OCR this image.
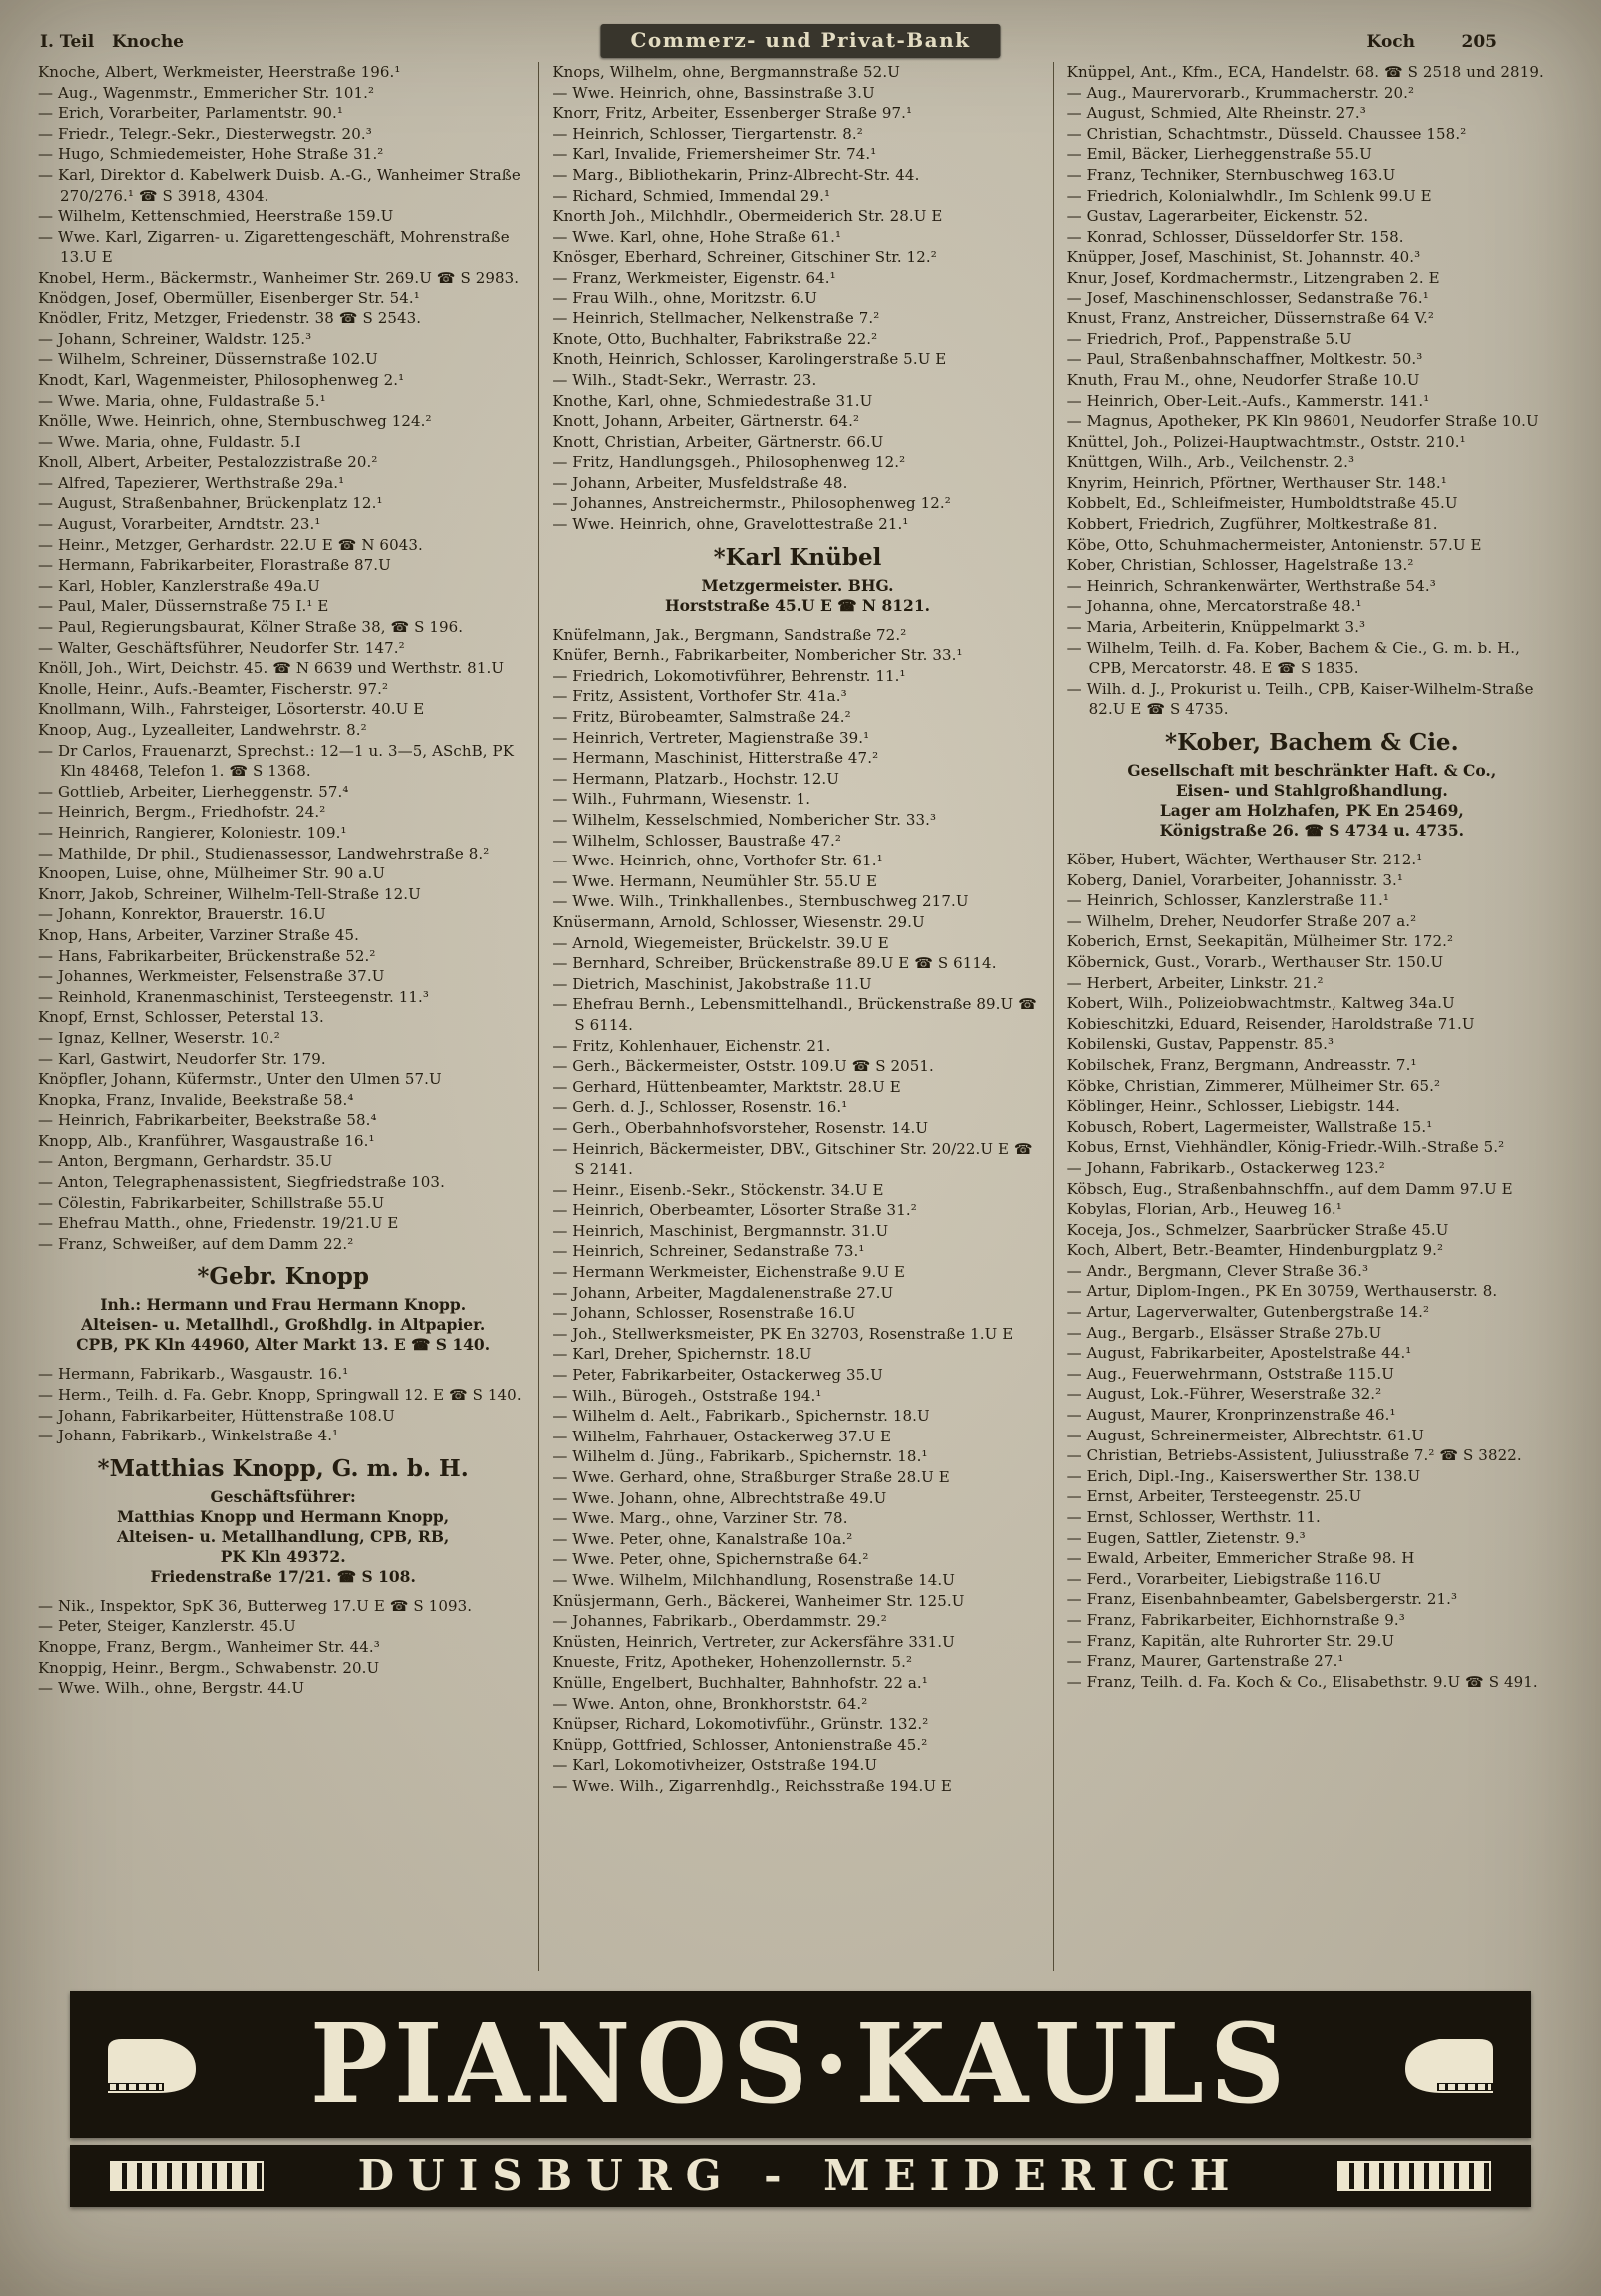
I. Teil Knoche	Commerz- und Privat-Bank	Koch	205

Knoche, Albert, Werkmeister, Heerstraße 196.¹

— Aug., Wagenmstr., Emmericher Str. 101.²

— Erich, Vorarbeiter, Parlamentstr. 90.¹

— Friedr., Telegr.-Sekr., Diesterwegstr. 20.³

— Hugo, Schmiedemeister, Hohe Straße 31.²

— Karl, Direktor d. Kabelwerk Duisb. A.-G., Wanheimer Straße 270/276.¹ ☎ S 3918, 4304.

— Wilhelm, Kettenschmied, Heerstraße 159.U

— Wwe. Karl, Zigarren- u. Zigarettengeschäft, Mohrenstraße 13.U E

Knobel, Herm., Bäckermstr., Wanheimer Str. 269.U ☎ S 2983.

Knödgen, Josef, Obermüller, Eisenberger Str. 54.¹

Knödler, Fritz, Metzger, Friedenstr. 38 ☎ S 2543.

— Johann, Schreiner, Waldstr. 125.³

— Wilhelm, Schreiner, Düssernstraße 102.U

Knodt, Karl, Wagenmeister, Philosophenweg 2.¹

— Wwe. Maria, ohne, Fuldastraße 5.¹

Knölle, Wwe. Heinrich, ohne, Sternbuschweg 124.²

— Wwe. Maria, ohne, Fuldastr. 5.I

Knoll, Albert, Arbeiter, Pestalozzistraße 20.²

— Alfred, Tapezierer, Werthstraße 29a.¹

— August, Straßenbahner, Brückenplatz 12.¹

— August, Vorarbeiter, Arndtstr. 23.¹

— Heinr., Metzger, Gerhardstr. 22.U E ☎ N 6043.

— Hermann, Fabrikarbeiter, Florastraße 87.U

— Karl, Hobler, Kanzlerstraße 49a.U

— Paul, Maler, Düssernstraße 75 I.¹ E

— Paul, Regierungsbaurat, Kölner Straße 38, ☎ S 196.

— Walter, Geschäftsführer, Neudorfer Str. 147.²

Knöll, Joh., Wirt, Deichstr. 45. ☎ N 6639 und Werthstr. 81.U

Knolle, Heinr., Aufs.-Beamter, Fischerstr. 97.²

Knollmann, Wilh., Fahrsteiger, Lösorterstr. 40.U E

Knoop, Aug., Lyzealleiter, Landwehrstr. 8.²

— Dr Carlos, Frauenarzt, Sprechst.: 12—1 u. 3—5, ASchB, PK Kln 48468, Telefon 1. ☎ S 1368.

— Gottlieb, Arbeiter, Lierheggenstr. 57.⁴

— Heinrich, Bergm., Friedhofstr. 24.²

— Heinrich, Rangierer, Koloniestr. 109.¹

— Mathilde, Dr phil., Studienassessor, Landwehrstraße 8.²

Knoopen, Luise, ohne, Mülheimer Str. 90 a.U

Knorr, Jakob, Schreiner, Wilhelm-Tell-Straße 12.U

— Johann, Konrektor, Brauerstr. 16.U

Knop, Hans, Arbeiter, Varziner Straße 45.

— Hans, Fabrikarbeiter, Brückenstraße 52.²

— Johannes, Werkmeister, Felsenstraße 37.U

— Reinhold, Kranenmaschinist, Tersteegenstr. 11.³

Knopf, Ernst, Schlosser, Peterstal 13.

— Ignaz, Kellner, Weserstr. 10.²

— Karl, Gastwirt, Neudorfer Str. 179.

Knöpfler, Johann, Küfermstr., Unter den Ulmen 57.U

Knopka, Franz, Invalide, Beekstraße 58.⁴

— Heinrich, Fabrikarbeiter, Beekstraße 58.⁴

Knopp, Alb., Kranführer, Wasgaustraße 16.¹

— Anton, Bergmann, Gerhardstr. 35.U

— Anton, Telegraphenassistent, Siegfriedstraße 103.

— Cölestin, Fabrikarbeiter, Schillstraße 55.U

— Ehefrau Matth., ohne, Friedenstr. 19/21.U E

— Franz, Schweißer, auf dem Damm 22.²

*Gebr. Knopp
Inh.: Hermann und Frau Hermann Knopp.
Alteisen- u. Metallhdl., Großhdlg. in Altpapier.
CPB, PK Kln 44960, Alter Markt 13. E ☎ S 140.

— Hermann, Fabrikarb., Wasgaustr. 16.¹

— Herm., Teilh. d. Fa. Gebr. Knopp, Springwall 12. E ☎ S 140.

— Johann, Fabrikarbeiter, Hüttenstraße 108.U

— Johann, Fabrikarb., Winkelstraße 4.¹

*Matthias Knopp, G. m. b. H.
Geschäftsführer:
Matthias Knopp und Hermann Knopp,
Alteisen- u. Metallhandlung, CPB, RB,
PK Kln 49372.
Friedenstraße 17/21. ☎ S 108.

— Nik., Inspektor, SpK 36, Butterweg 17.U E ☎ S 1093.

— Peter, Steiger, Kanzlerstr. 45.U

Knoppe, Franz, Bergm., Wanheimer Str. 44.³

Knoppig, Heinr., Bergm., Schwabenstr. 20.U

— Wwe. Wilh., ohne, Bergstr. 44.U

Knops, Wilhelm, ohne, Bergmannstraße 52.U

— Wwe. Heinrich, ohne, Bassinstraße 3.U

Knorr, Fritz, Arbeiter, Essenberger Straße 97.¹

— Heinrich, Schlosser, Tiergartenstr. 8.²

— Karl, Invalide, Friemersheimer Str. 74.¹

— Marg., Bibliothekarin, Prinz-Albrecht-Str. 44.

— Richard, Schmied, Immendal 29.¹

Knorth Joh., Milchhdlr., Obermeiderich Str. 28.U E

— Wwe. Karl, ohne, Hohe Straße 61.¹

Knösger, Eberhard, Schreiner, Gitschiner Str. 12.²

— Franz, Werkmeister, Eigenstr. 64.¹

— Frau Wilh., ohne, Moritzstr. 6.U

— Heinrich, Stellmacher, Nelkenstraße 7.²

Knote, Otto, Buchhalter, Fabrikstraße 22.²

Knoth, Heinrich, Schlosser, Karolingerstraße 5.U E

— Wilh., Stadt-Sekr., Werrastr. 23.

Knothe, Karl, ohne, Schmiedestraße 31.U

Knott, Johann, Arbeiter, Gärtnerstr. 64.²

Knott, Christian, Arbeiter, Gärtnerstr. 66.U

— Fritz, Handlungsgeh., Philosophenweg 12.²

— Johann, Arbeiter, Musfeldstraße 48.

— Johannes, Anstreichermstr., Philosophenweg 12.²

— Wwe. Heinrich, ohne, Gravelottestraße 21.¹

*Karl Knübel
Metzgermeister. BHG.
Horststraße 45.U E ☎ N 8121.

Knüfelmann, Jak., Bergmann, Sandstraße 72.²

Knüfer, Bernh., Fabrikarbeiter, Nombericher Str. 33.¹

— Friedrich, Lokomotivführer, Behrenstr. 11.¹

— Fritz, Assistent, Vorthofer Str. 41a.³

— Fritz, Bürobeamter, Salmstraße 24.²

— Heinrich, Vertreter, Magienstraße 39.¹

— Hermann, Maschinist, Hitterstraße 47.²

— Hermann, Platzarb., Hochstr. 12.U

— Wilh., Fuhrmann, Wiesenstr. 1.

— Wilhelm, Kesselschmied, Nombericher Str. 33.³

— Wilhelm, Schlosser, Baustraße 47.²

— Wwe. Heinrich, ohne, Vorthofer Str. 61.¹

— Wwe. Hermann, Neumühler Str. 55.U E

— Wwe. Wilh., Trinkhallenbes., Sternbuschweg 217.U

Knüsermann, Arnold, Schlosser, Wiesenstr. 29.U

— Arnold, Wiegemeister, Brückelstr. 39.U E

— Bernhard, Schreiber, Brückenstraße 89.U E ☎ S 6114.

— Dietrich, Maschinist, Jakobstraße 11.U

— Ehefrau Bernh., Lebensmittelhandl., Brückenstraße 89.U ☎ S 6114.

— Fritz, Kohlenhauer, Eichenstr. 21.

— Gerh., Bäckermeister, Oststr. 109.U ☎ S 2051.

— Gerhard, Hüttenbeamter, Marktstr. 28.U E

— Gerh. d. J., Schlosser, Rosenstr. 16.¹

— Gerh., Oberbahnhofsvorsteher, Rosenstr. 14.U

— Heinrich, Bäckermeister, DBV., Gitschiner Str. 20/22.U E ☎ S 2141.

— Heinr., Eisenb.-Sekr., Stöckenstr. 34.U E

— Heinrich, Oberbeamter, Lösorter Straße 31.²

— Heinrich, Maschinist, Bergmannstr. 31.U

— Heinrich, Schreiner, Sedanstraße 73.¹

— Hermann Werkmeister, Eichenstraße 9.U E

— Johann, Arbeiter, Magdalenenstraße 27.U

— Johann, Schlosser, Rosenstraße 16.U

— Joh., Stellwerksmeister, PK En 32703, Rosenstraße 1.U E

— Karl, Dreher, Spichernstr. 18.U

— Peter, Fabrikarbeiter, Ostackerweg 35.U

— Wilh., Bürogeh., Oststraße 194.¹

— Wilhelm d. Aelt., Fabrikarb., Spichernstr. 18.U

— Wilhelm, Fahrhauer, Ostackerweg 37.U E

— Wilhelm d. Jüng., Fabrikarb., Spichernstr. 18.¹

— Wwe. Gerhard, ohne, Straßburger Straße 28.U E

— Wwe. Johann, ohne, Albrechtstraße 49.U

— Wwe. Marg., ohne, Varziner Str. 78.

— Wwe. Peter, ohne, Kanalstraße 10a.²

— Wwe. Peter, ohne, Spichernstraße 64.²

— Wwe. Wilhelm, Milchhandlung, Rosenstraße 14.U

Knüsjermann, Gerh., Bäckerei, Wanheimer Str. 125.U

— Johannes, Fabrikarb., Oberdammstr. 29.²

Knüsten, Heinrich, Vertreter, zur Ackersfähre 331.U

Knueste, Fritz, Apotheker, Hohenzollernstr. 5.²

Knülle, Engelbert, Buchhalter, Bahnhofstr. 22 a.¹

— Wwe. Anton, ohne, Bronkhorststr. 64.²

Knüpser, Richard, Lokomotivführ., Grünstr. 132.²

Knüpp, Gottfried, Schlosser, Antonienstraße 45.²

— Karl, Lokomotivheizer, Oststraße 194.U

— Wwe. Wilh., Zigarrenhdlg., Reichsstraße 194.U E

Knüppel, Ant., Kfm., ECA, Handelstr. 68. ☎ S 2518 und 2819.

— Aug., Maurervorarb., Krummacherstr. 20.²

— August, Schmied, Alte Rheinstr. 27.³

— Christian, Schachtmstr., Düsseld. Chaussee 158.²

— Emil, Bäcker, Lierheggenstraße 55.U

— Franz, Techniker, Sternbuschweg 163.U

— Friedrich, Kolonialwhdlr., Im Schlenk 99.U E

— Gustav, Lagerarbeiter, Eickenstr. 52.

— Konrad, Schlosser, Düsseldorfer Str. 158.

Knüpper, Josef, Maschinist, St. Johannstr. 40.³

Knur, Josef, Kordmachermstr., Litzengraben 2. E

— Josef, Maschinenschlosser, Sedanstraße 76.¹

Knust, Franz, Anstreicher, Düssernstraße 64 V.²

— Friedrich, Prof., Pappenstraße 5.U

— Paul, Straßenbahnschaffner, Moltkestr. 50.³

Knuth, Frau M., ohne, Neudorfer Straße 10.U

— Heinrich, Ober-Leit.-Aufs., Kammerstr. 141.¹

— Magnus, Apotheker, PK Kln 98601, Neudorfer Straße 10.U

Knüttel, Joh., Polizei-Hauptwachtmstr., Oststr. 210.¹

Knüttgen, Wilh., Arb., Veilchenstr. 2.³

Knyrim, Heinrich, Pförtner, Werthauser Str. 148.¹

Kobbelt, Ed., Schleifmeister, Humboldtstraße 45.U

Kobbert, Friedrich, Zugführer, Moltkestraße 81.

Köbe, Otto, Schuhmachermeister, Antonienstr. 57.U E

Kober, Christian, Schlosser, Hagelstraße 13.²

— Heinrich, Schrankenwärter, Werthstraße 54.³

— Johanna, ohne, Mercatorstraße 48.¹

— Maria, Arbeiterin, Knüppelmarkt 3.³

— Wilhelm, Teilh. d. Fa. Kober, Bachem & Cie., G. m. b. H., CPB, Mercatorstr. 48. E ☎ S 1835.

— Wilh. d. J., Prokurist u. Teilh., CPB, Kaiser-Wilhelm-Straße 82.U E ☎ S 4735.

*Kober, Bachem & Cie.
Gesellschaft mit beschränkter Haft. & Co.,
Eisen- und Stahlgroßhandlung.
Lager am Holzhafen, PK En 25469,
Königstraße 26. ☎ S 4734 u. 4735.

Köber, Hubert, Wächter, Werthauser Str. 212.¹

Koberg, Daniel, Vorarbeiter, Johannisstr. 3.¹

— Heinrich, Schlosser, Kanzlerstraße 11.¹

— Wilhelm, Dreher, Neudorfer Straße 207 a.²

Koberich, Ernst, Seekapitän, Mülheimer Str. 172.²

Köbernick, Gust., Vorarb., Werthauser Str. 150.U

— Herbert, Arbeiter, Linkstr. 21.²

Kobert, Wilh., Polizeiobwachtmstr., Kaltweg 34a.U

Kobieschitzki, Eduard, Reisender, Haroldstraße 71.U

Kobilenski, Gustav, Pappenstr. 85.³

Kobilschek, Franz, Bergmann, Andreasstr. 7.¹

Köbke, Christian, Zimmerer, Mülheimer Str. 65.²

Köblinger, Heinr., Schlosser, Liebigstr. 144.

Kobusch, Robert, Lagermeister, Wallstraße 15.¹

Kobus, Ernst, Viehhändler, König-Friedr.-Wilh.-Straße 5.²

— Johann, Fabrikarb., Ostackerweg 123.²

Köbsch, Eug., Straßenbahnschffn., auf dem Damm 97.U E

Kobylas, Florian, Arb., Heuweg 16.¹

Koceja, Jos., Schmelzer, Saarbrücker Straße 45.U

Koch, Albert, Betr.-Beamter, Hindenburgplatz 9.²

— Andr., Bergmann, Clever Straße 36.³

— Artur, Diplom-Ingen., PK En 30759, Werthauserstr. 8.

— Artur, Lagerverwalter, Gutenbergstraße 14.²

— Aug., Bergarb., Elsässer Straße 27b.U

— August, Fabrikarbeiter, Apostelstraße 44.¹

— Aug., Feuerwehrmann, Oststraße 115.U

— August, Lok.-Führer, Weserstraße 32.²

— August, Maurer, Kronprinzenstraße 46.¹

— August, Schreinermeister, Albrechtstr. 61.U

— Christian, Betriebs-Assistent, Juliusstraße 7.² ☎ S 3822.

— Erich, Dipl.-Ing., Kaiserswerther Str. 138.U

— Ernst, Arbeiter, Tersteegenstr. 25.U

— Ernst, Schlosser, Werthstr. 11.

— Eugen, Sattler, Zietenstr. 9.³

— Ewald, Arbeiter, Emmericher Straße 98. H

— Ferd., Vorarbeiter, Liebigstraße 116.U

— Franz, Eisenbahnbeamter, Gabelsbergerstr. 21.³

— Franz, Fabrikarbeiter, Eichhornstraße 9.³

— Franz, Kapitän, alte Ruhrorter Str. 29.U

— Franz, Maurer, Gartenstraße 27.¹

— Franz, Teilh. d. Fa. Koch & Co., Elisabethstr. 9.U ☎ S 491.

PIANOS·KAULS
DUISBURG - MEIDERICH
